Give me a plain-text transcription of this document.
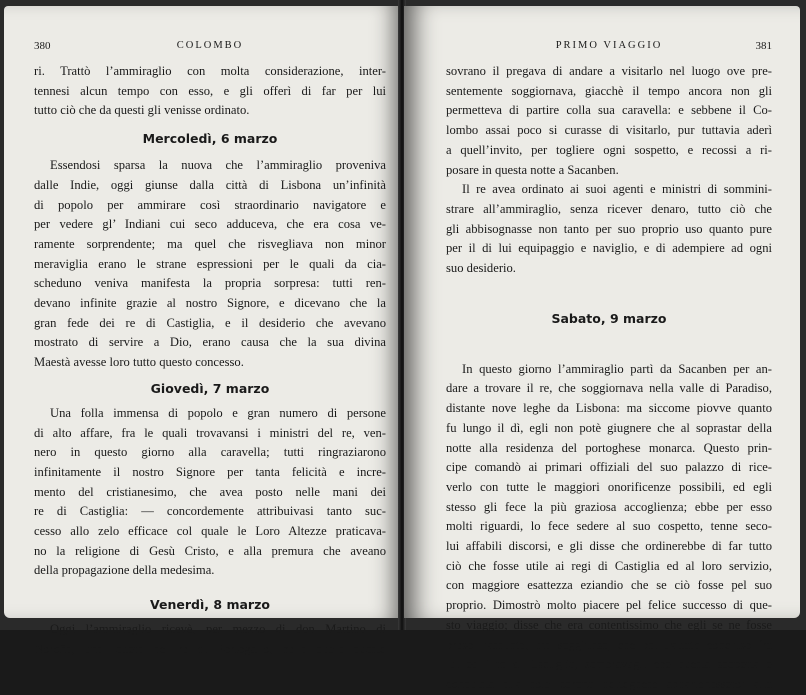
380	COLOMBO
ri. Trattò l’ammiraglio con molta considerazione, inter-
tennesi alcun tempo con esso, e gli offerì di far per lui
tutto ciò che da questi gli venisse ordinato.
Mercoledì, 6 marzo
Essendosi sparsa la nuova che l’ammiraglio proveniva
dalle Indie, oggi giunse dalla città di Lisbona un’infinità
di popolo per ammirare così straordinario navigatore e
per vedere gl’ Indiani cui seco adduceva, che era cosa ve-
ramente sorprendente; ma quel che risvegliava non minor
meraviglia erano le strane espressioni per le quali da cia-
scheduno veniva manifesta la propria sorpresa: tutti ren-
devano infinite grazie al nostro Signore, e dicevano che la
gran fede dei re di Castiglia, e il desiderio che avevano
mostrato di servire a Dio, erano causa che la sua divina
Maestà avesse loro tutto questo concesso.
Giovedì, 7 marzo
Una folla immensa di popolo e gran numero di persone
di alto affare, fra le quali trovavansi i ministri del re, ven-
nero in questo giorno alla caravella; tutti ringraziarono
infinitamente il nostro Signore per tanta felicità e incre-
mento del cristianesimo, che avea posto nelle mani dei
re di Castiglia: — concordemente attribuivasi tanto suc-
cesso allo zelo efficace col quale le Loro Altezze praticava-
no la religione di Gesù Cristo, e alla premura che aveano
della propagazione della medesima.
Venerdì, 8 marzo
Oggi l’ammiraglio ricevè, per mezzo di don Martino di
Noroña, una lettera del re di Portogallo, nella quale questo
PRIMO VIAGGIO	381
sovrano il pregava di andare a visitarlo nel luogo ove pre-
sentemente soggiornava, giacchè il tempo ancora non gli
permetteva di partire colla sua caravella: e sebbene il Co-
lombo assai poco si curasse di visitarlo, pur tuttavia aderì
a quell’invito, per togliere ogni sospetto, e recossi a ri-
posare in questa notte a Sacanben.
Il re avea ordinato ai suoi agenti e ministri di sommini-
strare all’ammiraglio, senza ricever denaro, tutto ciò che
gli abbisognasse non tanto per suo proprio uso quanto pure
per il di lui equipaggio e naviglio, e di adempiere ad ogni
suo desiderio.
Sabato, 9 marzo
In questo giorno l’ammiraglio partì da Sacanben per an-
dare a trovare il re, che soggiornava nella valle di Paradiso,
distante nove leghe da Lisbona: ma siccome piovve quanto
fu lungo il dì, egli non potè giugnere che al soprastar della
notte alla residenza del portoghese monarca. Questo prin-
cipe comandò ai primari offiziali del suo palazzo di rice-
verlo con tutte le maggiori onorificenze possibili, ed egli
stesso gli fece la più graziosa accoglienza; ebbe per esso
molti riguardi, lo fece sedere al suo cospetto, tenne seco-
lui affabili discorsi, e gli disse che ordinerebbe di far tutto
ciò che fosse utile ai regi di Castiglia ed al loro servizio,
con maggiore esattezza eziandio che se ciò fosse pel suo
proprio. Dimostrò molto piacere pel felice successo di que-
sto viaggio; disse che era contentissimo che egli se ne fosse
preso l’assunto, ma soggiunse, che pel trattato concluso fra
lui ed i re di Castiglia, sembravagli che questa scoperta e
conquista alla sola corona portoghese appartenessero: alla
